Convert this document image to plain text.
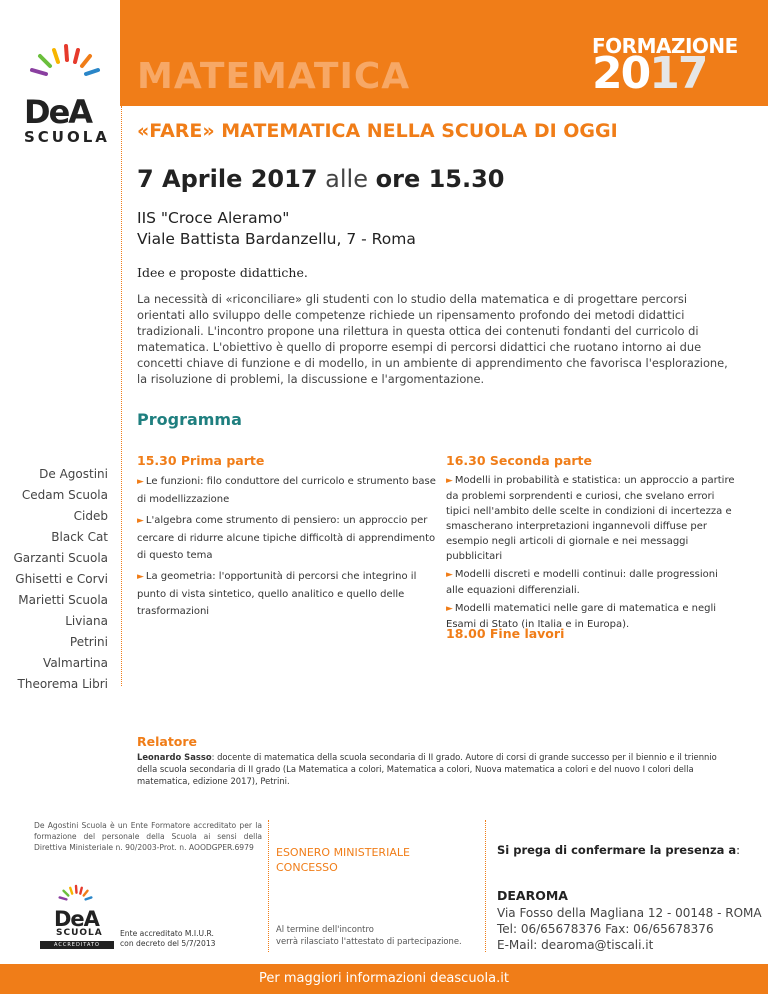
MATEMATICA
FORMAZIONE
2017
DeA
SCUOLA «FARE» MATEMATICA NELLA SCUOLA DI OGGI
7 Aprile 2017 alle ore 15.30
IIS "Croce Aleramo"
Viale Battista Bardanzellu, 7 - Roma
Idee e proposte didattiche.
La necessità di «riconciliare» gli studenti con lo studio della matematica e di progettare percorsi orientati allo sviluppo delle competenze richiede un ripensamento profondo dei metodi didattici tradizionali. L'incontro propone una rilettura in questa ottica dei contenuti fondanti del curricolo di matematica. L'obiettivo è quello di proporre esempi di percorsi didattici che ruotano intorno ai due concetti chiave di funzione e di modello, in un ambiente di apprendimento che favorisca l'esplorazione, la risoluzione di problemi, la discussione e l'argomentazione.
Programma
15.30 Prima parte	16.30 Seconda parte

► Le funzioni: filo conduttore del curricolo e strumento base di modellizzazione

► L'algebra come strumento di pensiero: un approccio per cercare di ridurre alcune tipiche difficoltà di apprendimento di questo tema

► La geometria: l'opportunità di percorsi che integrino il punto di vista sintetico, quello analitico e quello delle trasformazioni

► Modelli in probabilità e statistica: un approccio a partire da problemi sorprendenti e curiosi, che svelano errori tipici nell'ambito delle scelte in condizioni di incertezza e smascherano interpretazioni ingannevoli diffuse per esempio negli articoli di giornale e nei messaggi pubblicitari

► Modelli discreti e modelli continui: dalle progressioni alle equazioni differenziali.

► Modelli matematici nelle gare di matematica e negli Esami di Stato (in Italia e in Europa).

18.00 Fine lavori
De Agostini
Cedam Scuola
Cideb
Black Cat
Garzanti Scuola
Ghisetti e Corvi
Marietti Scuola
Liviana
Petrini
Valmartina
Theorema Libri
Relatore
Leonardo Sasso: docente di matematica della scuola secondaria di II grado. Autore di corsi di grande successo per il biennio e il triennio della scuola secondaria di II grado (La Matematica a colori, Matematica a colori, Nuova matematica a colori e del nuovo I colori della matematica, edizione 2017), Petrini.
De Agostini Scuola è un Ente Formatore accreditato per la formazione del personale della Scuola ai sensi della Direttiva Ministeriale n. 90/2003-Prot. n. AOODGPER.6979
DeA
SCUOLA
ACCREDITATO M.I.U.R.
Ente accreditato M.I.U.R.
con decreto del 5/7/2013
ESONERO MINISTERIALE
CONCESSO
Al termine dell'incontro
verrà rilasciato l'attestato di partecipazione.
Si prega di confermare la presenza a:
DEAROMA
Via Fosso della Magliana 12 - 00148 - ROMA
Tel: 06/65678376 Fax: 06/65678376
E-Mail: dearoma@tiscali.it
Per maggiori informazioni deascuola.it
